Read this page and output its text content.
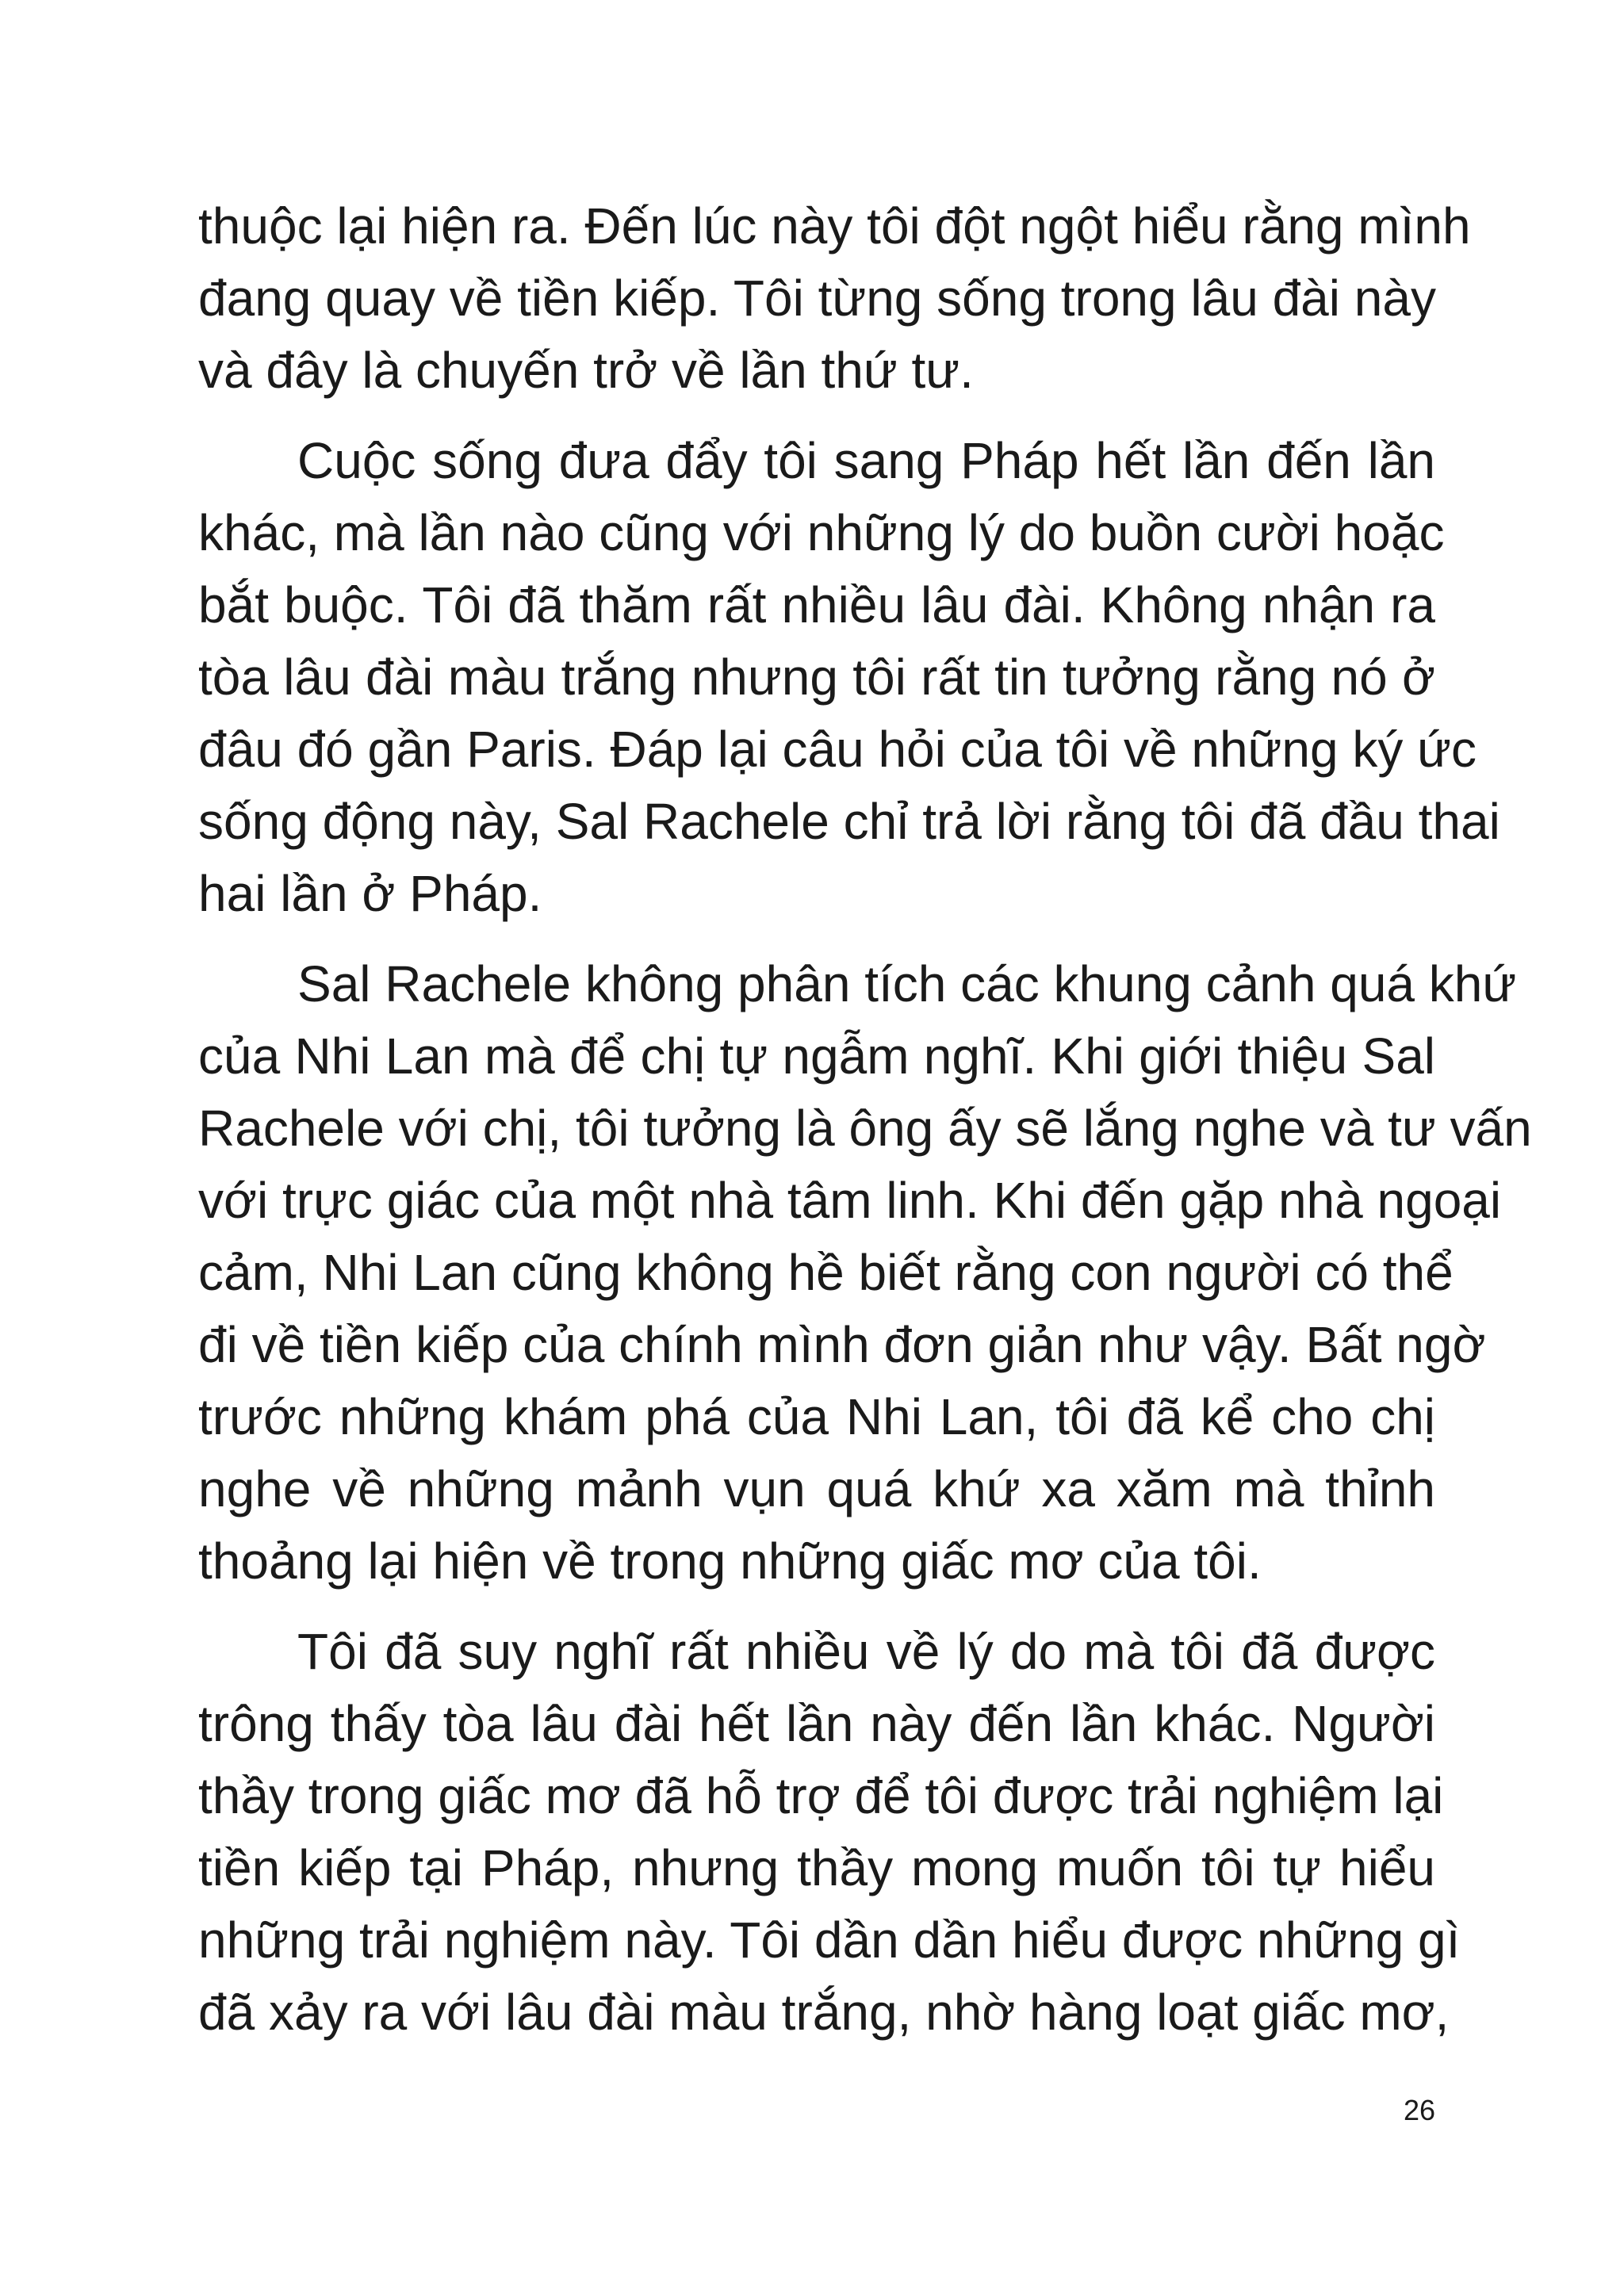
thuộc lại hiện ra. Đến lúc này tôi đột ngột hiểu rằng mình
đang quay về tiền kiếp. Tôi từng sống trong lâu đài này
và đây là chuyến trở về lần thứ tư.
Cuộc sống đưa đẩy tôi sang Pháp hết lần đến lần
khác, mà lần nào cũng với những lý do buồn cười hoặc
bắt buộc. Tôi đã thăm rất nhiều lâu đài. Không nhận ra
tòa lâu đài màu trắng nhưng tôi rất tin tưởng rằng nó ở
đâu đó gần Paris. Đáp lại câu hỏi của tôi về những ký ức
sống động này, Sal Rachele chỉ trả lời rằng tôi đã đầu thai
hai lần ở Pháp.
Sal Rachele không phân tích các khung cảnh quá khứ
của Nhi Lan mà để chị tự ngẫm nghĩ. Khi giới thiệu Sal
Rachele với chị, tôi tưởng là ông ấy sẽ lắng nghe và tư vấn
với trực giác của một nhà tâm linh. Khi đến gặp nhà ngoại
cảm, Nhi Lan cũng không hề biết rằng con người có thể
đi về tiền kiếp của chính mình đơn giản như vậy. Bất ngờ
trước những khám phá của Nhi Lan, tôi đã kể cho chị
nghe về những mảnh vụn quá khứ xa xăm mà thỉnh
thoảng lại hiện về trong những giấc mơ của tôi.
Tôi đã suy nghĩ rất nhiều về lý do mà tôi đã được
trông thấy tòa lâu đài hết lần này đến lần khác. Người
thầy trong giấc mơ đã hỗ trợ để tôi được trải nghiệm lại
tiền kiếp tại Pháp, nhưng thầy mong muốn tôi tự hiểu
những trải nghiệm này. Tôi dần dần hiểu được những gì
đã xảy ra với lâu đài màu trắng, nhờ hàng loạt giấc mơ,
26
